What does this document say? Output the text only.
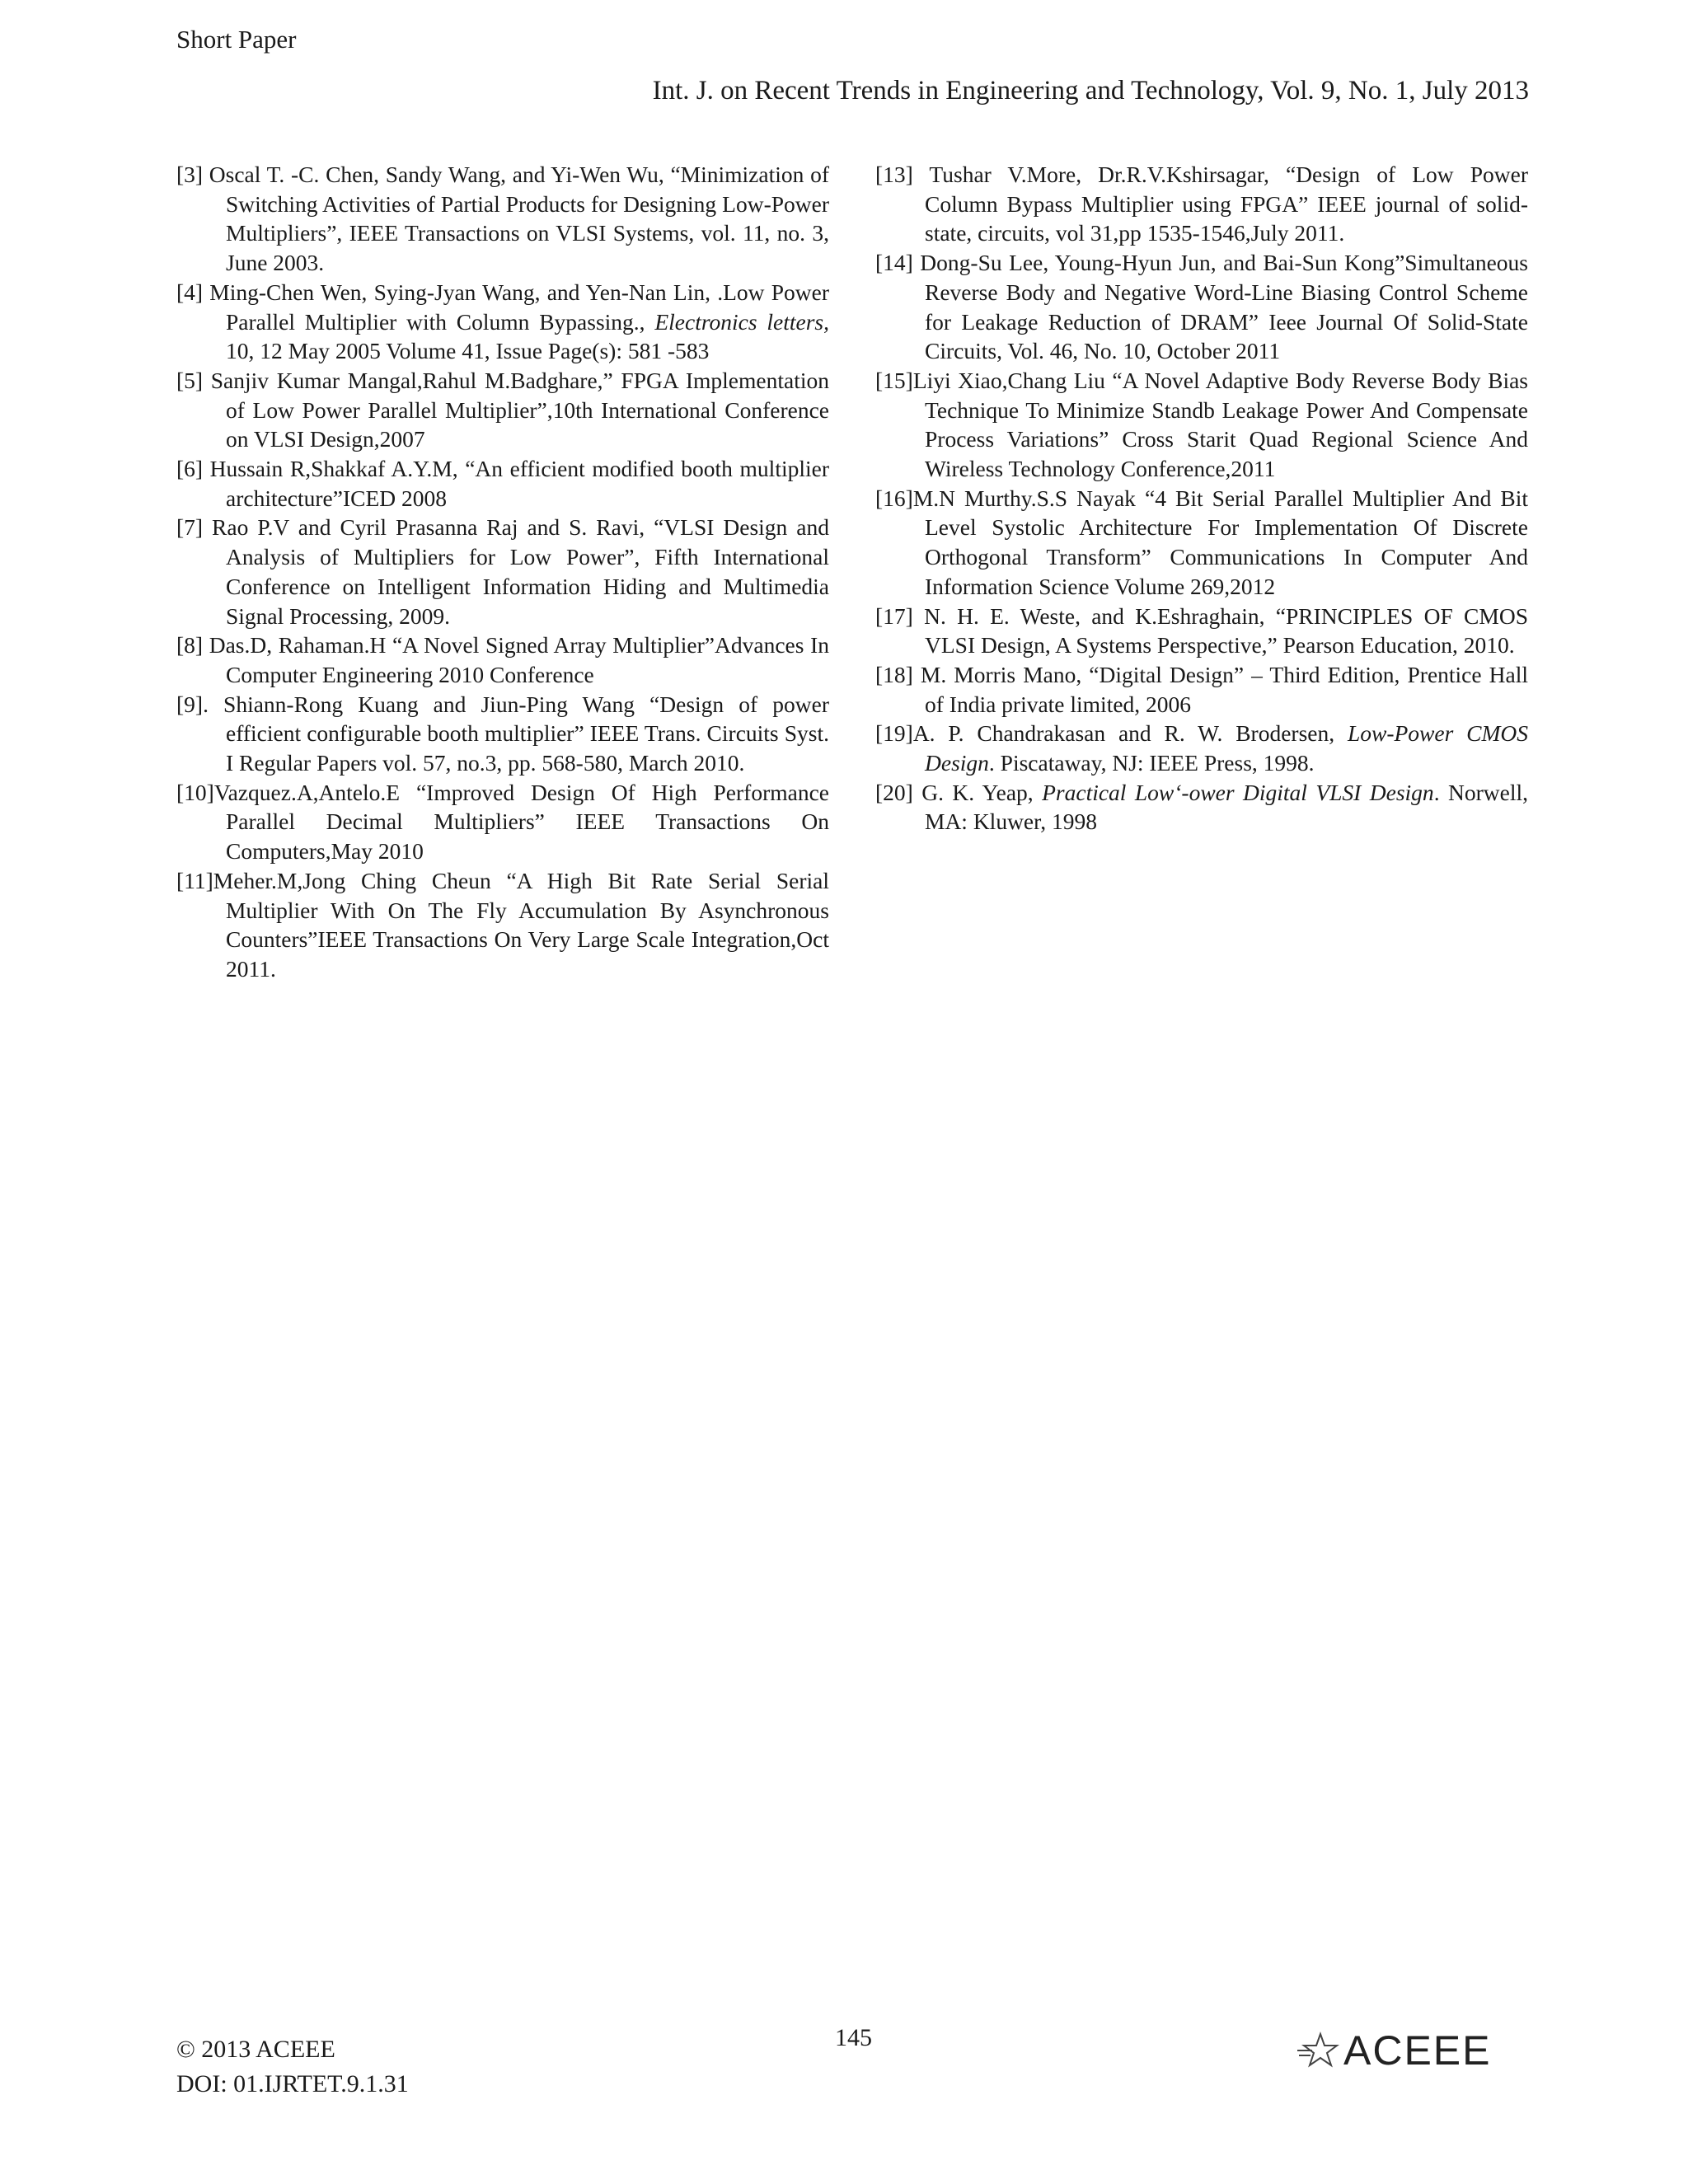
Short Paper
Int. J. on Recent Trends in Engineering and Technology, Vol. 9, No. 1, July 2013

[3] Oscal T. -C. Chen, Sandy Wang, and Yi-Wen Wu, “Minimization of Switching Activities of Partial Products for Designing Low-Power Multipliers”, IEEE Transactions on VLSI Systems, vol. 11, no. 3, June 2003.

[4] Ming-Chen Wen, Sying-Jyan Wang, and Yen-Nan Lin, .Low Power Parallel Multiplier with Column Bypassing., Electronics letters, 10, 12 May 2005 Volume 41, Issue Page(s): 581 -583

[5] Sanjiv Kumar Mangal,Rahul M.Badghare,” FPGA Implementation of Low Power Parallel Multiplier”,10th International Conference on VLSI Design,2007

[6] Hussain R,Shakkaf A.Y.M, “An efficient modified booth multiplier architecture”ICED 2008

[7] Rao P.V and Cyril Prasanna Raj and S. Ravi, “VLSI Design and Analysis of Multipliers for Low Power”, Fifth International Conference on Intelligent Information Hiding and Multimedia Signal Processing, 2009.

[8] Das.D, Rahaman.H “A Novel Signed Array Multiplier”Advances In Computer Engineering 2010 Conference

[9]. Shiann-Rong Kuang and Jiun-Ping Wang “Design of power efficient configurable booth multiplier” IEEE Trans. Circuits Syst. I Regular Papers vol. 57, no.3, pp. 568-580, March 2010.

[10]Vazquez.A,Antelo.E “Improved Design Of High Performance Parallel Decimal Multipliers” IEEE Transactions On Computers,May 2010

[11]Meher.M,Jong Ching Cheun “A High Bit Rate Serial Serial Multiplier With On The Fly Accumulation By Asynchronous Counters”IEEE Transactions On Very Large Scale Integration,Oct 2011.

[13] Tushar V.More, Dr.R.V.Kshirsagar, “Design of Low Power Column Bypass Multiplier using FPGA” IEEE journal of solid-state, circuits, vol 31,pp 1535-1546,July 2011.

[14] Dong-Su Lee, Young-Hyun Jun, and Bai-Sun Kong”Simultaneous Reverse Body and Negative Word-Line Biasing Control Scheme for Leakage Reduction of DRAM” Ieee Journal Of Solid-State Circuits, Vol. 46, No. 10, October 2011

[15]Liyi Xiao,Chang Liu “A Novel Adaptive Body Reverse Body Bias Technique To Minimize Standb Leakage Power And Compensate Process Variations” Cross Starit Quad Regional Science And Wireless Technology Conference,2011

[16]M.N Murthy.S.S Nayak “4 Bit Serial Parallel Multiplier And Bit Level Systolic Architecture For Implementation Of Discrete Orthogonal Transform” Communications In Computer And Information Science Volume 269,2012

[17] N. H. E. Weste, and K.Eshraghain, “PRINCIPLES OF CMOS VLSI Design, A Systems Perspective,” Pearson Education, 2010.

[18] M. Morris Mano, “Digital Design” – Third Edition, Prentice Hall of India private limited, 2006

[19]A. P. Chandrakasan and R. W. Brodersen, Low-Power CMOS Design. Piscataway, NJ: IEEE Press, 1998.

[20] G. K. Yeap, Practical Low‘-ower Digital VLSI Design. Norwell, MA: Kluwer, 1998

© 2013 ACEEE
DOI: 01.IJRTET.9.1.31
145	ACEEE
